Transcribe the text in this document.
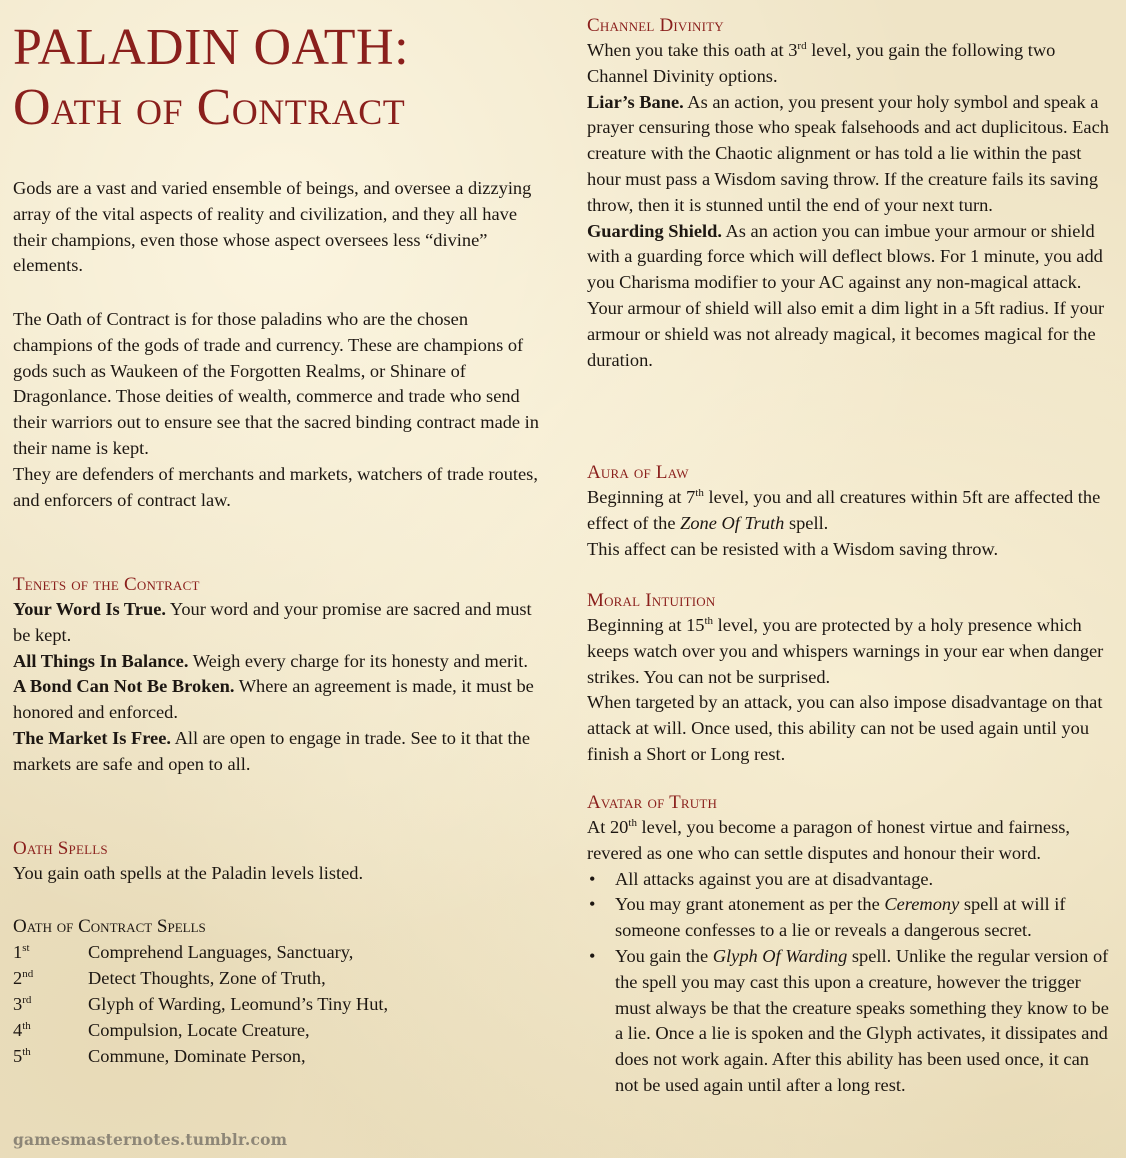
PALADIN OATH:
Oath of Contract

Gods are a vast and varied ensemble of beings, and oversee a dizzying array of the vital aspects of reality and civilization, and they all have their champions, even those whose aspect oversees less “divine” elements.

The Oath of Contract is for those paladins who are the chosen champions of the gods of trade and currency. These are champions of gods such as Waukeen of the Forgotten Realms, or Shinare of Dragonlance. Those deities of wealth, commerce and trade who send their warriors out to ensure see that the sacred binding contract made in their name is kept.

They are defenders of merchants and markets, watchers of trade routes, and enforcers of contract law.

Tenets of the Contract

Your Word Is True. Your word and your promise are sacred and must be kept.

All Things In Balance. Weigh every charge for its honesty and merit.

A Bond Can Not Be Broken. Where an agreement is made, it must be honored and enforced.

The Market Is Free. All are open to engage in trade. See to it that the markets are safe and open to all.

Oath Spells

You gain oath spells at the Paladin levels listed.

Oath of Contract Spells
1st	Comprehend Languages, Sanctuary,
2nd	Detect Thoughts, Zone of Truth,
3rd	Glyph of Warding, Leomund’s Tiny Hut,
4th	Compulsion, Locate Creature,
5th	Commune, Dominate Person,
Channel Divinity

When you take this oath at 3rd level, you gain the following two Channel Divinity options.

Liar’s Bane. As an action, you present your holy symbol and speak a prayer censuring those who speak falsehoods and act duplicitous. Each creature with the Chaotic alignment or has told a lie within the past hour must pass a Wisdom saving throw. If the creature fails its saving throw, then it is stunned until the end of your next turn.

Guarding Shield. As an action you can imbue your armour or shield with a guarding force which will deflect blows. For 1 minute, you add you Charisma modifier to your AC against any non-magical attack. Your armour of shield will also emit a dim light in a 5ft radius. If your armour or shield was not already magical, it becomes magical for the duration.

Aura of Law

Beginning at 7th level, you and all creatures within 5ft are affected the effect of the Zone Of Truth spell.

This affect can be resisted with a Wisdom saving throw.

Moral Intuition

Beginning at 15th level, you are protected by a holy presence which keeps watch over you and whispers warnings in your ear when danger strikes. You can not be surprised.

When targeted by an attack, you can also impose disadvantage on that attack at will. Once used, this ability can not be used again until you finish a Short or Long rest.

Avatar of Truth

At 20th level, you become a paragon of honest virtue and fairness, revered as one who can settle disputes and honour their word.

• All attacks against you are at disadvantage.
• You may grant atonement as per the Ceremony spell at will if someone confesses to a lie or reveals a dangerous secret.
• You gain the Glyph Of Warding spell. Unlike the regular version of the spell you may cast this upon a creature, however the trigger must always be that the creature speaks something they know to be a lie. Once a lie is spoken and the Glyph activates, it dissipates and does not work again. After this ability has been used once, it can not be used again until after a long rest.
gamesmasternotes.tumblr.com
